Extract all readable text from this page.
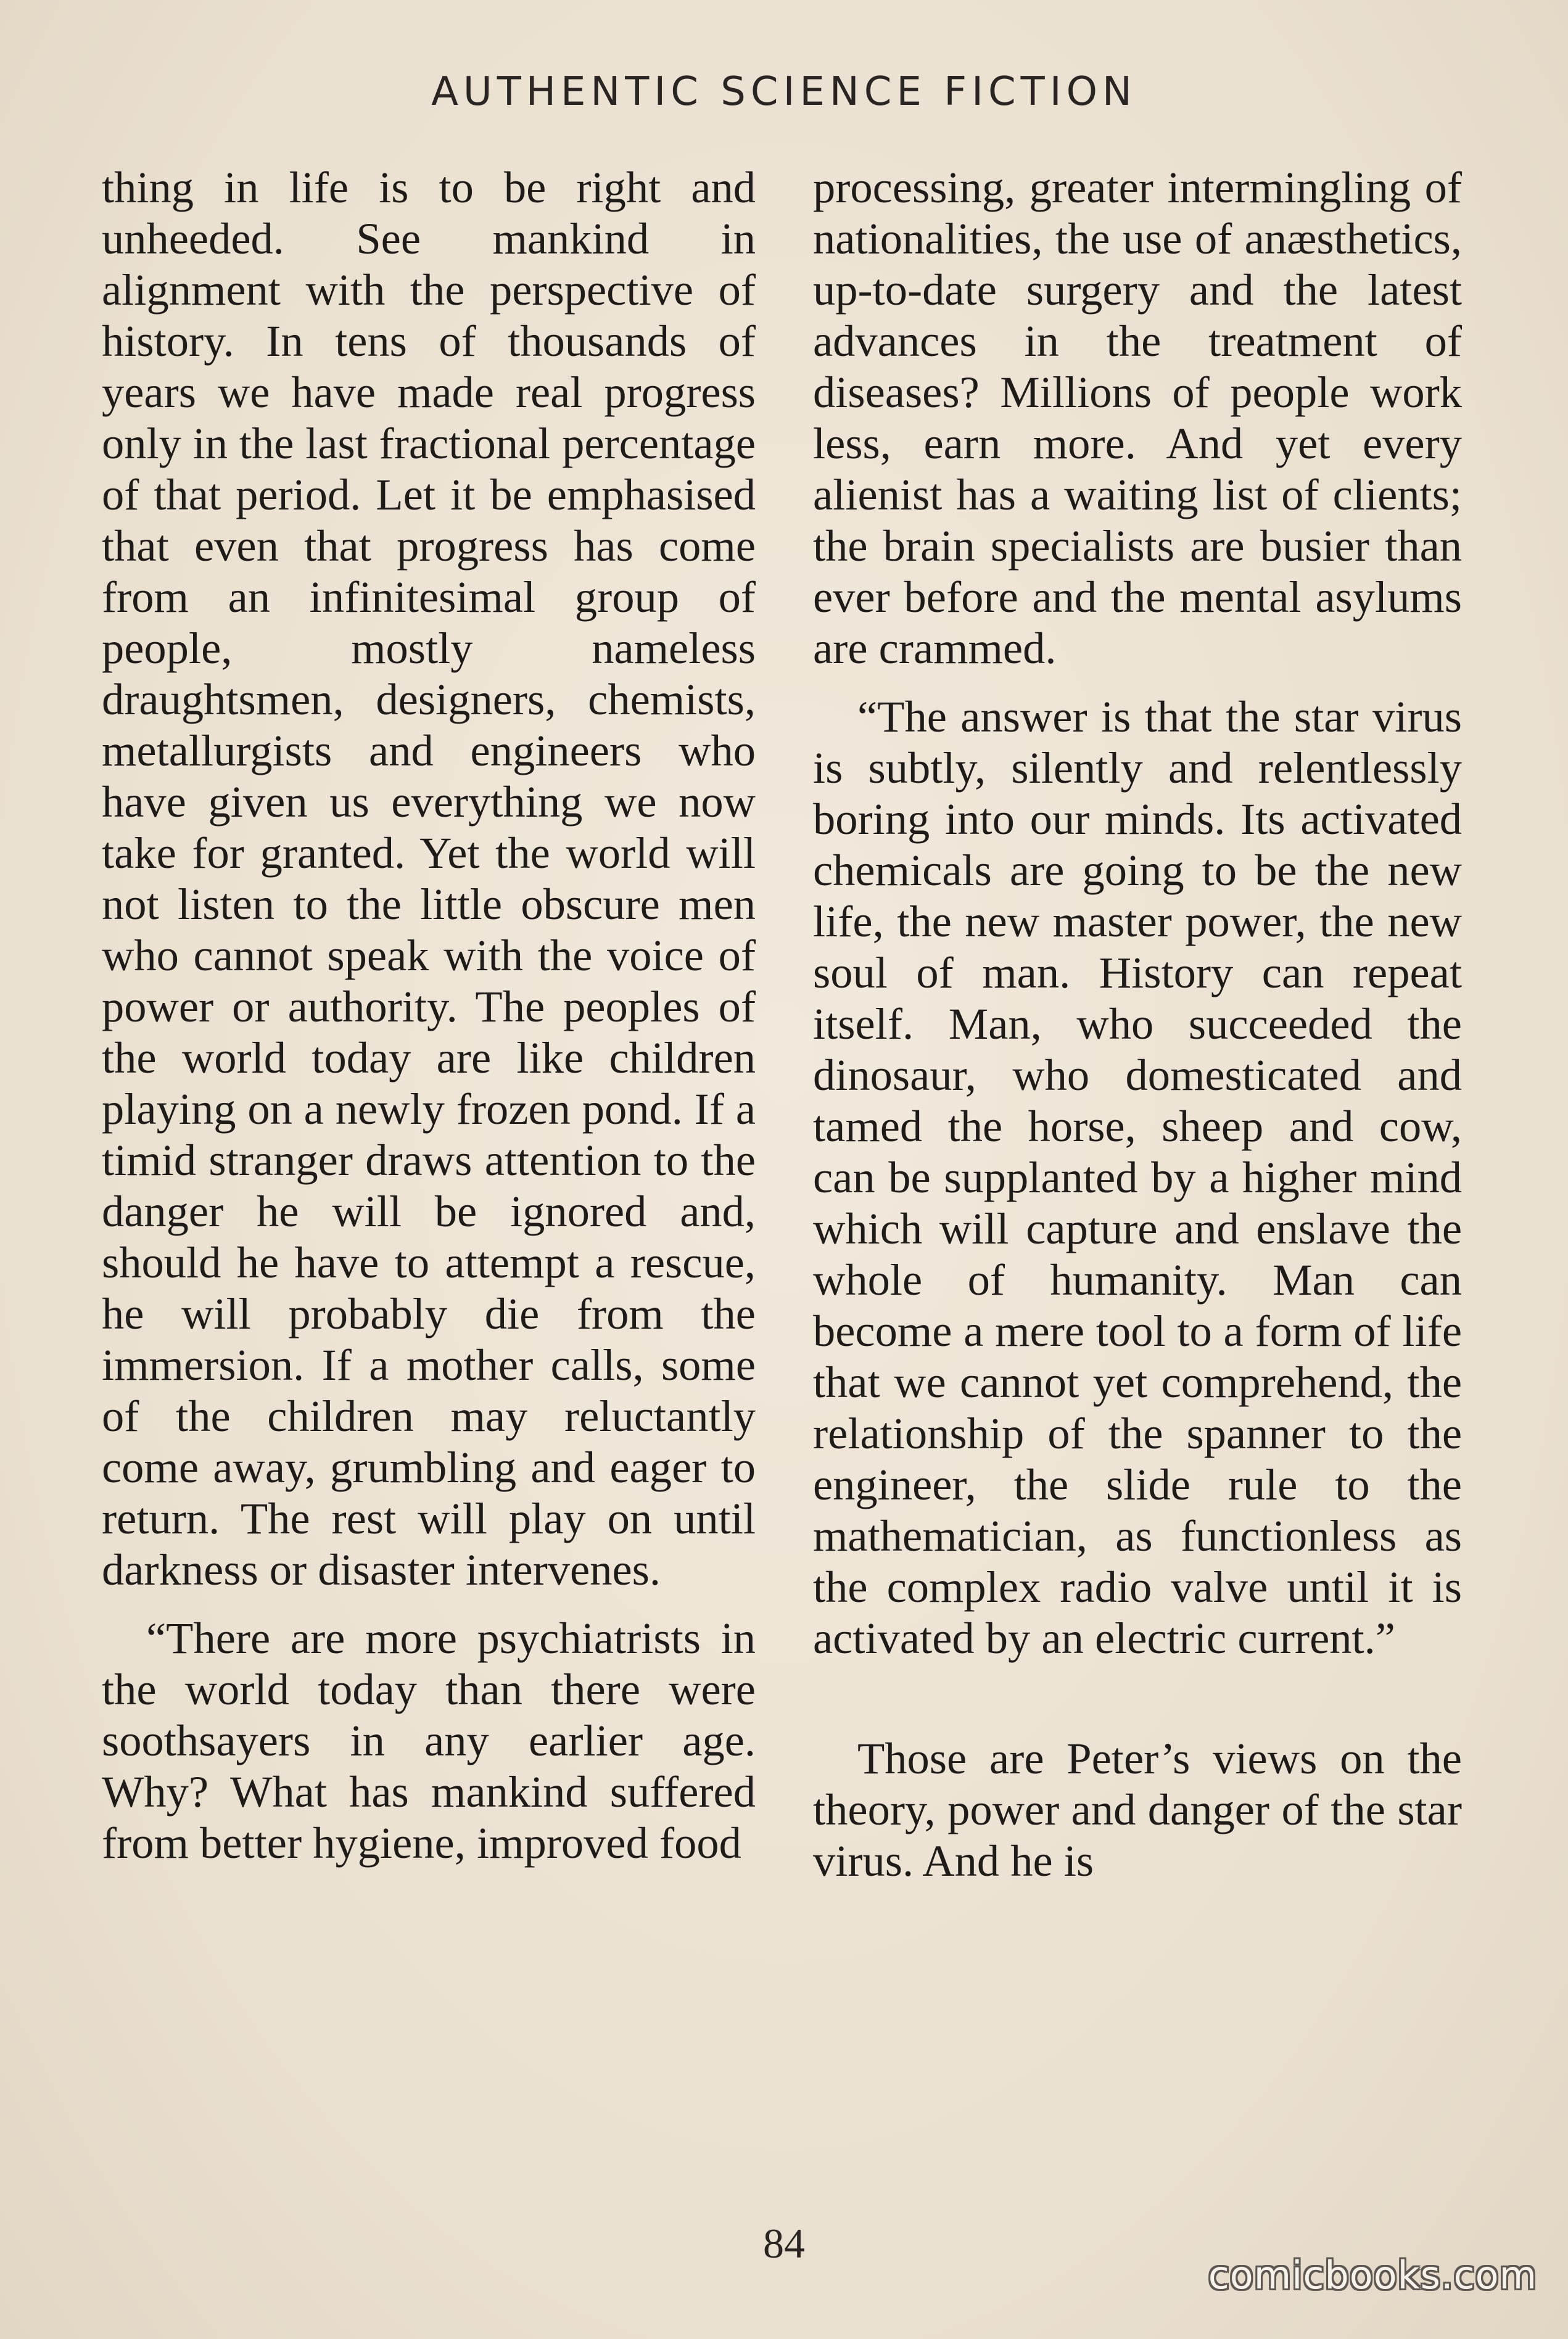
AUTHENTIC SCIENCE FICTION

thing in life is to be right and unheeded. See mankind in alignment with the perspective of history. In tens of thousands of years we have made real progress only in the last fractional percentage of that period. Let it be emphasised that even that progress has come from an infinitesimal group of people, mostly nameless draughtsmen, designers, chemists, metallurgists and engineers who have given us everything we now take for granted. Yet the world will not listen to the little obscure men who cannot speak with the voice of power or authority. The peoples of the world today are like children playing on a newly frozen pond. If a timid stranger draws attention to the danger he will be ignored and, should he have to attempt a rescue, he will probably die from the immersion. If a mother calls, some of the children may reluctantly come away, grumbling and eager to return. The rest will play on until darkness or disaster intervenes.

“There are more psychiatrists in the world today than there were soothsayers in any earlier age. Why? What has mankind suffered from better hygiene, improved food

processing, greater intermingling of nationalities, the use of anæsthetics, up-to-date surgery and the latest advances in the treatment of diseases? Millions of people work less, earn more. And yet every alienist has a waiting list of clients; the brain specialists are busier than ever before and the mental asylums are crammed.

“The answer is that the star virus is subtly, silently and relentlessly boring into our minds. Its activated chemicals are going to be the new life, the new master power, the new soul of man. History can repeat itself. Man, who succeeded the dinosaur, who domesticated and tamed the horse, sheep and cow, can be supplanted by a higher mind which will capture and enslave the whole of humanity. Man can become a mere tool to a form of life that we cannot yet comprehend, the relationship of the spanner to the engineer, the slide rule to the mathematician, as functionless as the complex radio valve until it is activated by an electric current.”

Those are Peter’s views on the theory, power and danger of the star virus. And he is

84
comicbooks.com
